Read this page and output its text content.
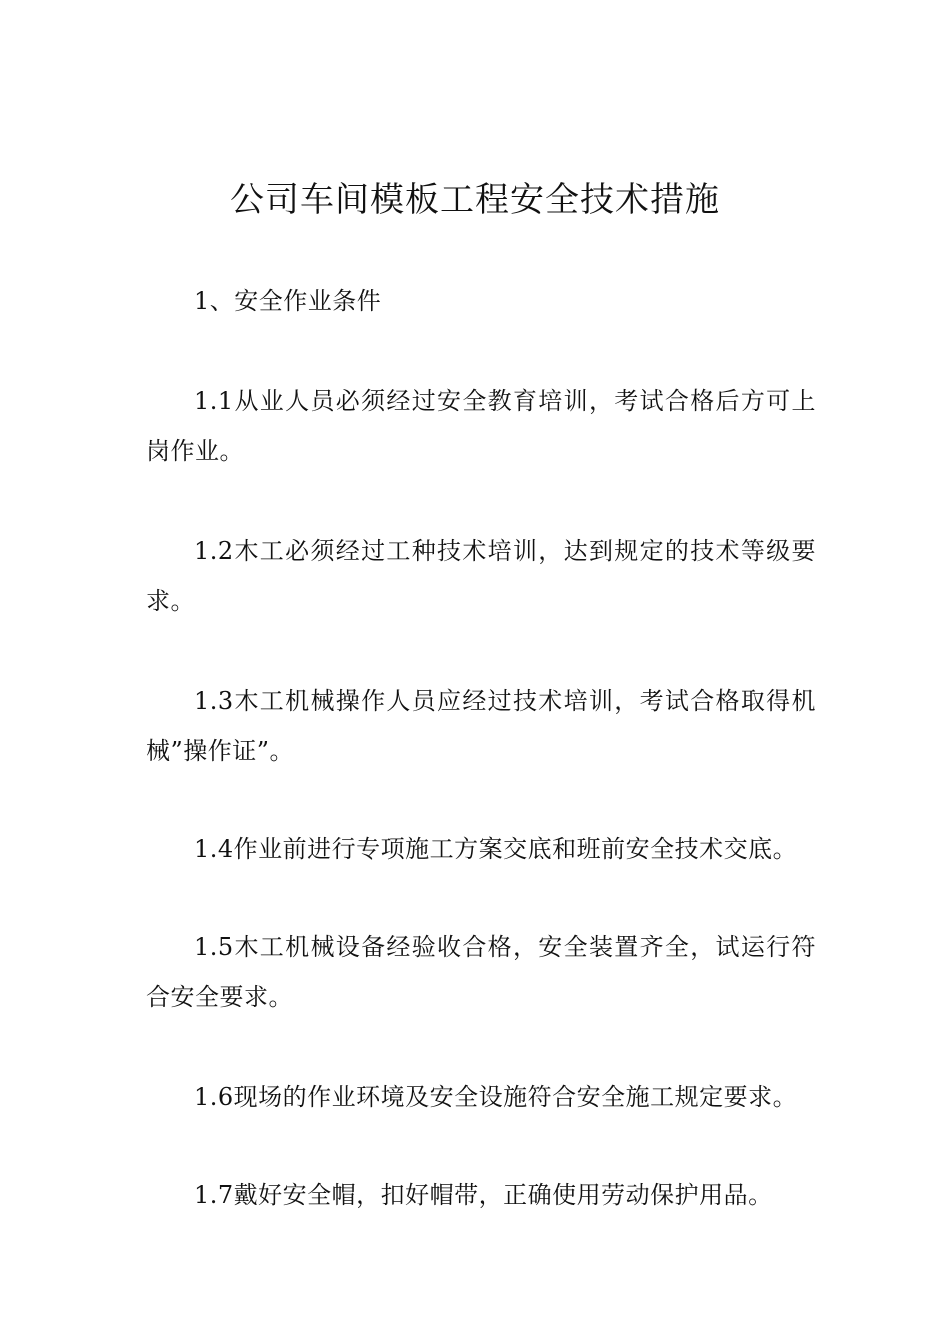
公司车间模板工程安全技术措施

1、安全作业条件

1.1从业人员必须经过安全教育培训，考试合格后方可上岗作业。

1.2木工必须经过工种技术培训，达到规定的技术等级要求。

1.3木工机械操作人员应经过技术培训，考试合格取得机械”操作证”。

1.4作业前进行专项施工方案交底和班前安全技术交底。

1.5木工机械设备经验收合格，安全装置齐全，试运行符合安全要求。

1.6现场的作业环境及安全设施符合安全施工规定要求。

1.7戴好安全帽，扣好帽带，正确使用劳动保护用品。
